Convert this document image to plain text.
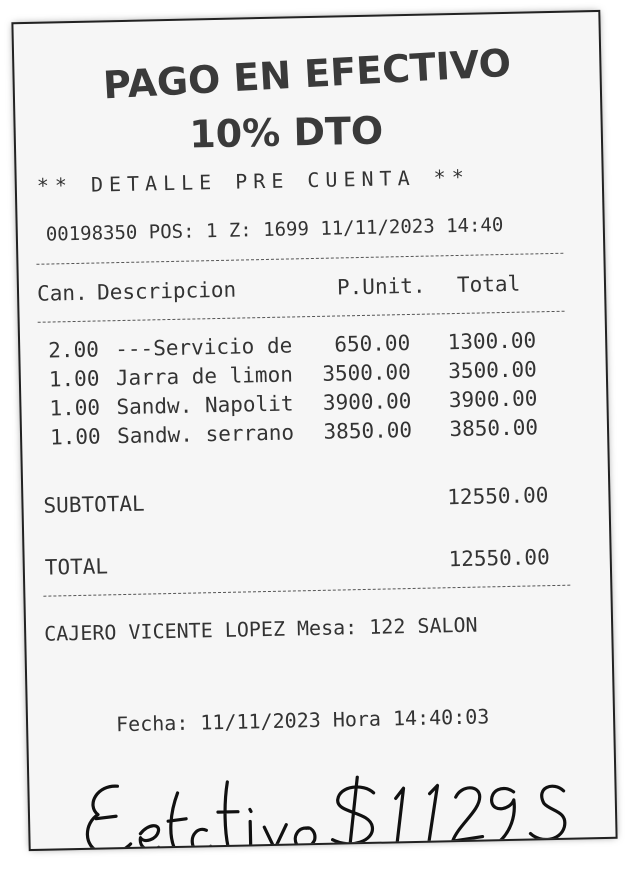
PAGO EN EFECTIVO
10% DTO
** DETALLE PRE CUENTA **
00198350 POS: 1 Z: 1699 11/11/2023 14:40
Can. Descripcion	P.Unit. Total
2.00 ---Servicio de	650.00	1300.00
1.00 Jarra de limon 3500.00	3500.00
1.00 Sandw. Napolit 3900.00	3900.00
1.00 Sandw. serrano 3850.00	3850.00
SUBTOTAL	12550.00
TOTAL	12550.00
CAJERO VICENTE LOPEZ Mesa: 122 SALON
Fecha: 11/11/2023 Hora 14:40:03
